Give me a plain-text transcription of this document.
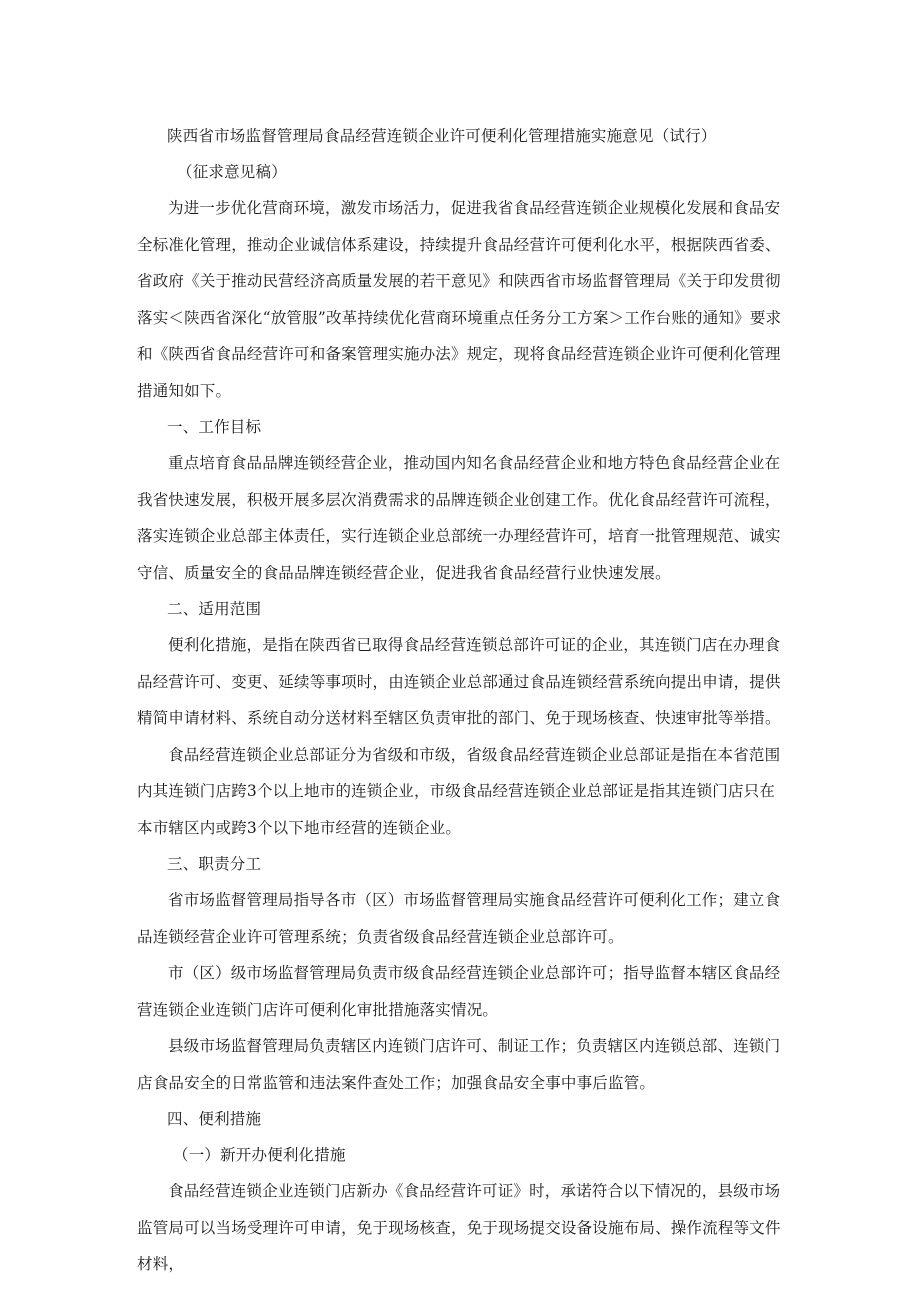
陕西省市场监督管理局食品经营连锁企业许可便利化管理措施实施意见（试行）

（征求意见稿）

为进一步优化营商环境，激发市场活力，促进我省食品经营连锁企业规模化发展和食品安全标准化管理，推动企业诚信体系建设，持续提升食品经营许可便利化水平，根据陕西省委、省政府《关于推动民营经济高质量发展的若干意见》和陕西省市场监督管理局《关于印发贯彻落实＜陕西省深化“放管服”改革持续优化营商环境重点任务分工方案＞工作台账的通知》要求和《陕西省食品经营许可和备案管理实施办法》规定，现将食品经营连锁企业许可便利化管理措通知如下。

一、工作目标

重点培育食品品牌连锁经营企业，推动国内知名食品经营企业和地方特色食品经营企业在我省快速发展，积极开展多层次消费需求的品牌连锁企业创建工作。优化食品经营许可流程，落实连锁企业总部主体责任，实行连锁企业总部统一办理经营许可，培育一批管理规范、诚实守信、质量安全的食品品牌连锁经营企业，促进我省食品经营行业快速发展。

二、适用范围

便利化措施，是指在陕西省已取得食品经营连锁总部许可证的企业，其连锁门店在办理食品经营许可、变更、延续等事项时，由连锁企业总部通过食品连锁经营系统向提出申请，提供精简申请材料、系统自动分送材料至辖区负责审批的部门、免于现场核查、快速审批等举措。

食品经营连锁企业总部证分为省级和市级，省级食品经营连锁企业总部证是指在本省范围内其连锁门店跨3个以上地市的连锁企业，市级食品经营连锁企业总部证是指其连锁门店只在本市辖区内或跨3个以下地市经营的连锁企业。

三、职责分工

省市场监督管理局指导各市（区）市场监督管理局实施食品经营许可便利化工作；建立食品连锁经营企业许可管理系统；负责省级食品经营连锁企业总部许可。

市（区）级市场监督管理局负责市级食品经营连锁企业总部许可；指导监督本辖区食品经营连锁企业连锁门店许可便利化审批措施落实情况。

县级市场监督管理局负责辖区内连锁门店许可、制证工作；负责辖区内连锁总部、连锁门店食品安全的日常监管和违法案件查处工作；加强食品安全事中事后监管。

四、便利措施

（一）新开办便利化措施

食品经营连锁企业连锁门店新办《食品经营许可证》时，承诺符合以下情况的，县级市场监管局可以当场受理许可申请，免于现场核查，免于现场提交设备设施布局、操作流程等文件材料，
